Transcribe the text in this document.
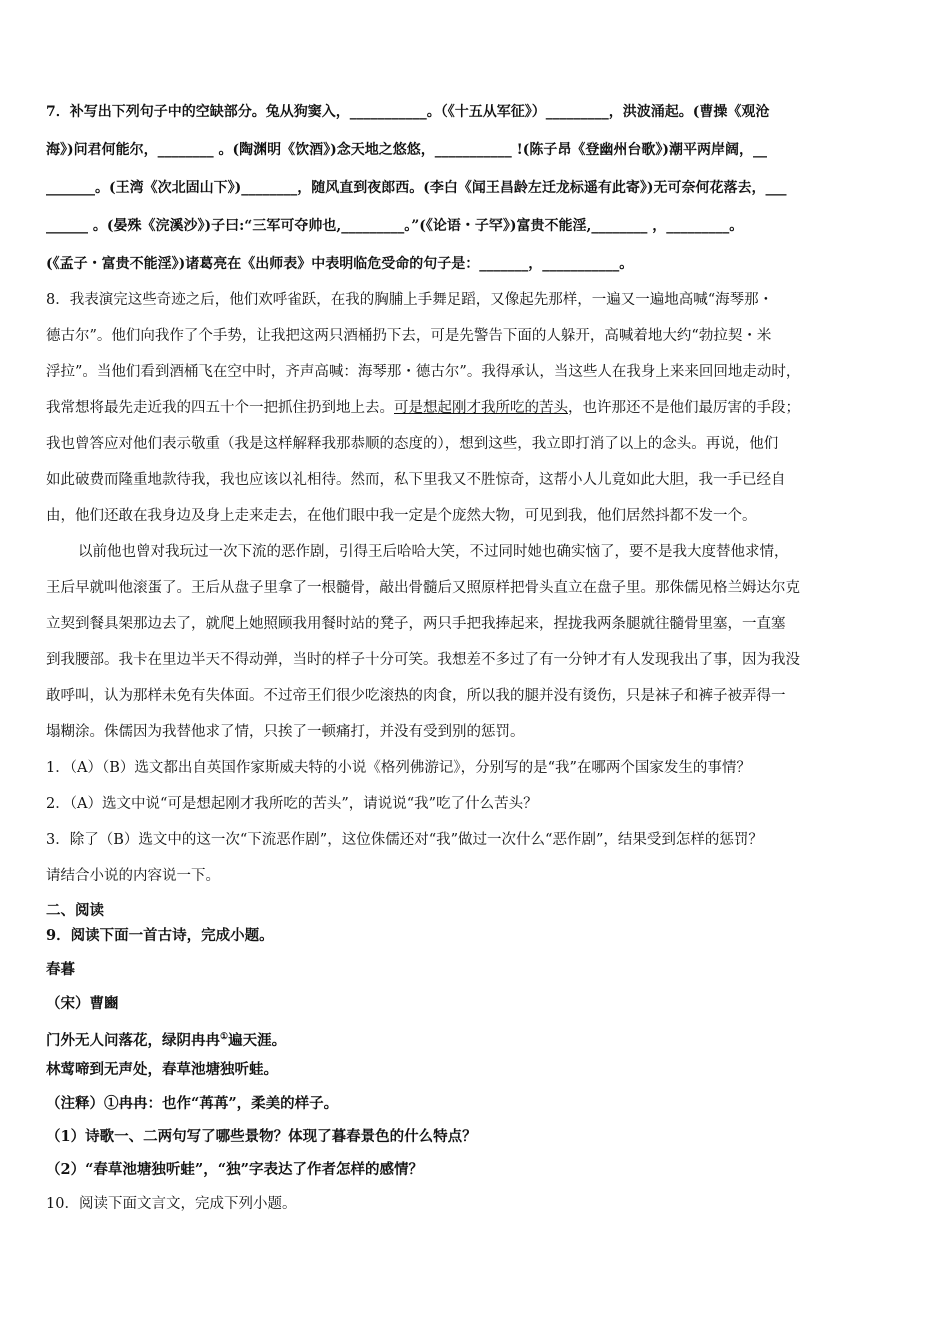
7．补写出下列句子中的空缺部分。兔从狗窦入，___________。（《十五从军征》）_________，洪波涌起。(曹操《观沧
海》)问君何能尔，________ 。(陶渊明《饮酒》)念天地之悠悠，___________ !(陈子昂《登幽州台歌》)潮平两岸阔，__
_______。(王湾《次北固山下》)________，随风直到夜郎西。(李白《闻王昌龄左迁龙标遥有此寄》)无可奈何花落去，___
______ 。(晏殊《浣溪沙》)子曰:“三军可夺帅也,_________。”(《论语・子罕》)富贵不能淫,________ ，_________。
(《孟子・富贵不能淫》)诸葛亮在《出师表》中表明临危受命的句子是：_______，___________。
8．我表演完这些奇迹之后，他们欢呼雀跃，在我的胸脯上手舞足蹈，又像起先那样，一遍又一遍地高喊“海琴那・
德古尔”。他们向我作了个手势，让我把这两只酒桶扔下去，可是先警告下面的人躲开，高喊着地大约“勃拉契・米
浮拉”。当他们看到酒桶飞在空中时，齐声高喊：海琴那・德古尔”。我得承认，当这些人在我身上来来回回地走动时，
我常想将最先走近我的四五十个一把抓住扔到地上去。可是想起刚才我所吃的苦头，也许那还不是他们最厉害的手段；
我也曾答应对他们表示敬重（我是这样解释我那恭顺的态度的），想到这些，我立即打消了以上的念头。再说，他们
如此破费而隆重地款待我，我也应该以礼相待。然而，私下里我又不胜惊奇，这帮小人儿竟如此大胆，我一手已经自
由，他们还敢在我身边及身上走来走去，在他们眼中我一定是个庞然大物，可见到我，他们居然抖都不发一个。
以前他也曾对我玩过一次下流的恶作剧，引得王后哈哈大笑，不过同时她也确实恼了，要不是我大度替他求情，
王后早就叫他滚蛋了。王后从盘子里拿了一根髓骨，敲出骨髓后又照原样把骨头直立在盘子里。那侏儒见格兰姆达尔克
立契到餐具架那边去了，就爬上她照顾我用餐时站的凳子，两只手把我捧起来，捏拢我两条腿就往髓骨里塞，一直塞
到我腰部。我卡在里边半天不得动弹，当时的样子十分可笑。我想差不多过了有一分钟才有人发现我出了事，因为我没
敢呼叫，认为那样未免有失体面。不过帝王们很少吃滚热的肉食，所以我的腿并没有烫伤，只是袜子和裤子被弄得一
塌糊涂。侏儒因为我替他求了情，只挨了一顿痛打，并没有受到别的惩罚。
1．（A）（B）选文都出自英国作家斯威夫特的小说《格列佛游记》，分别写的是“我”在哪两个国家发生的事情？
2．（A）选文中说“可是想起刚才我所吃的苦头”，请说说“我”吃了什么苦头？
3．除了（B）选文中的这一次“下流恶作剧”，这位侏儒还对“我”做过一次什么“恶作剧”，结果受到怎样的惩罚？
请结合小说的内容说一下。
二、阅读
9．阅读下面一首古诗，完成小题。
春暮
（宋）曹豳
门外无人问落花，绿阴冉冉①遍天涯。
林莺啼到无声处，春草池塘独听蛙。
（注释）①冉冉：也作“苒苒”，柔美的样子。
（1）诗歌一、二两句写了哪些景物？体现了暮春景色的什么特点？
（2）“春草池塘独听蛙”，“独”字表达了作者怎样的感情？
10．阅读下面文言文，完成下列小题。
